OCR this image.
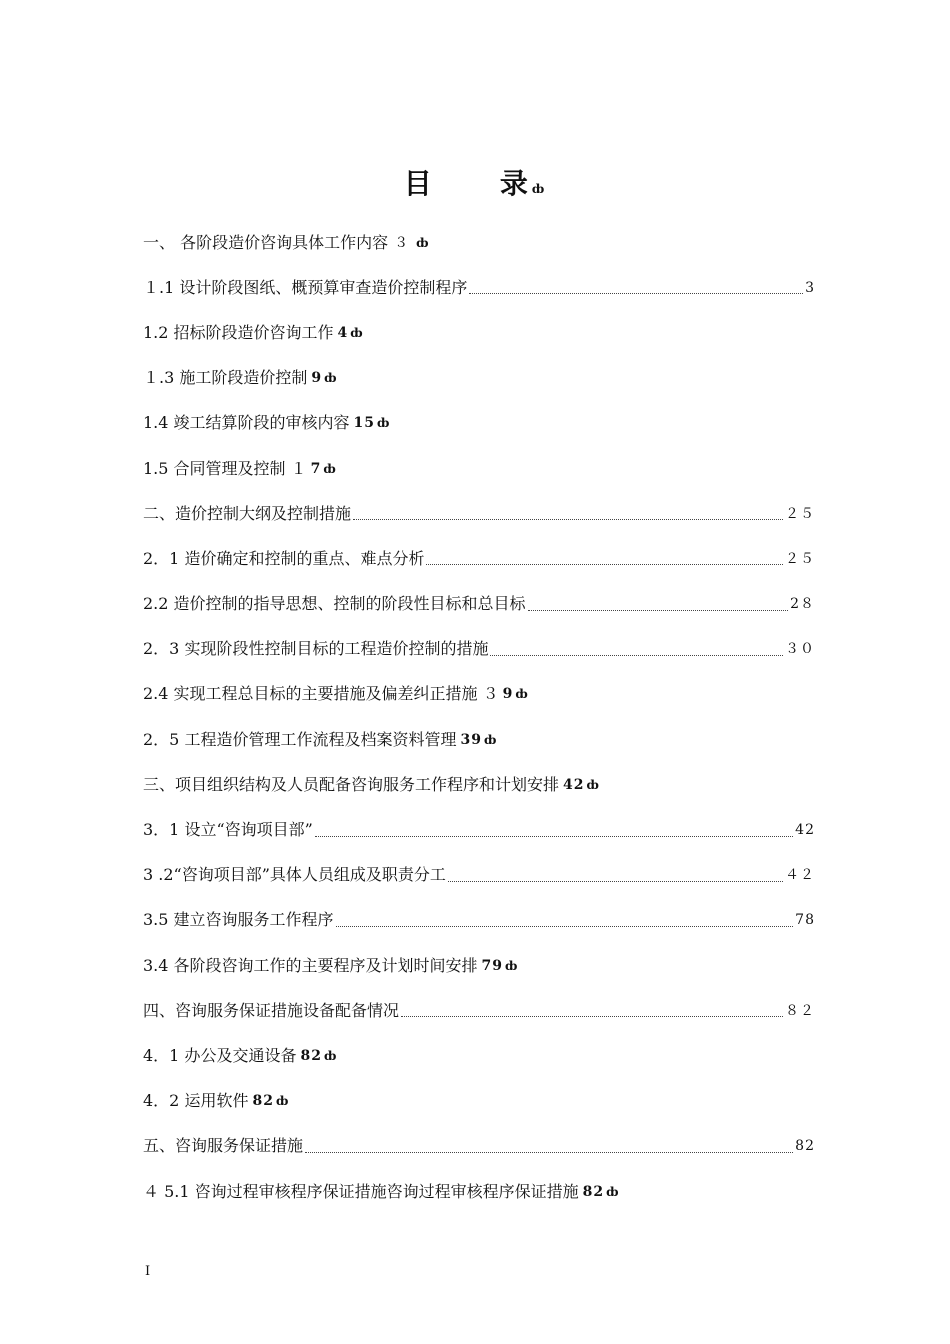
目 录 ȸ
一、 各阶段造价咨询具体工作内容 ３ ȸ
１.1 设计阶段图纸、概预算审查造价控制程序	3
1.2 招标阶段造价咨询工作 4 ȸ
１.3 施工阶段造价控制 9 ȸ
1.4 竣工结算阶段的审核内容 15 ȸ
1.5 合同管理及控制 １ 7 ȸ
二、造价控制大纲及控制措施	２５
2．1 造价确定和控制的重点、难点分析	２５
2.2 造价控制的指导思想、控制的阶段性目标和总目标	2８
2．3 实现阶段性控制目标的工程造价控制的措施	３０
2.4 实现工程总目标的主要措施及偏差纠正措施 ３ 9 ȸ
2．5 工程造价管理工作流程及档案资料管理 39 ȸ
三、项目组织结构及人员配备咨询服务工作程序和计划安排 42 ȸ
3．1 设立“咨询项目部”	42
3 .2“咨询项目部”具体人员组成及职责分工	４２
3.5 建立咨询服务工作程序	78
3.4 各阶段咨询工作的主要程序及计划时间安排 79 ȸ
四、咨询服务保证措施设备配备情况	８２
4．1 办公及交通设备 82 ȸ
4．2 运用软件 82 ȸ
五、咨询服务保证措施	82
４ 5.1 咨询过程审核程序保证措施咨询过程审核程序保证措施 82 ȸ
I
